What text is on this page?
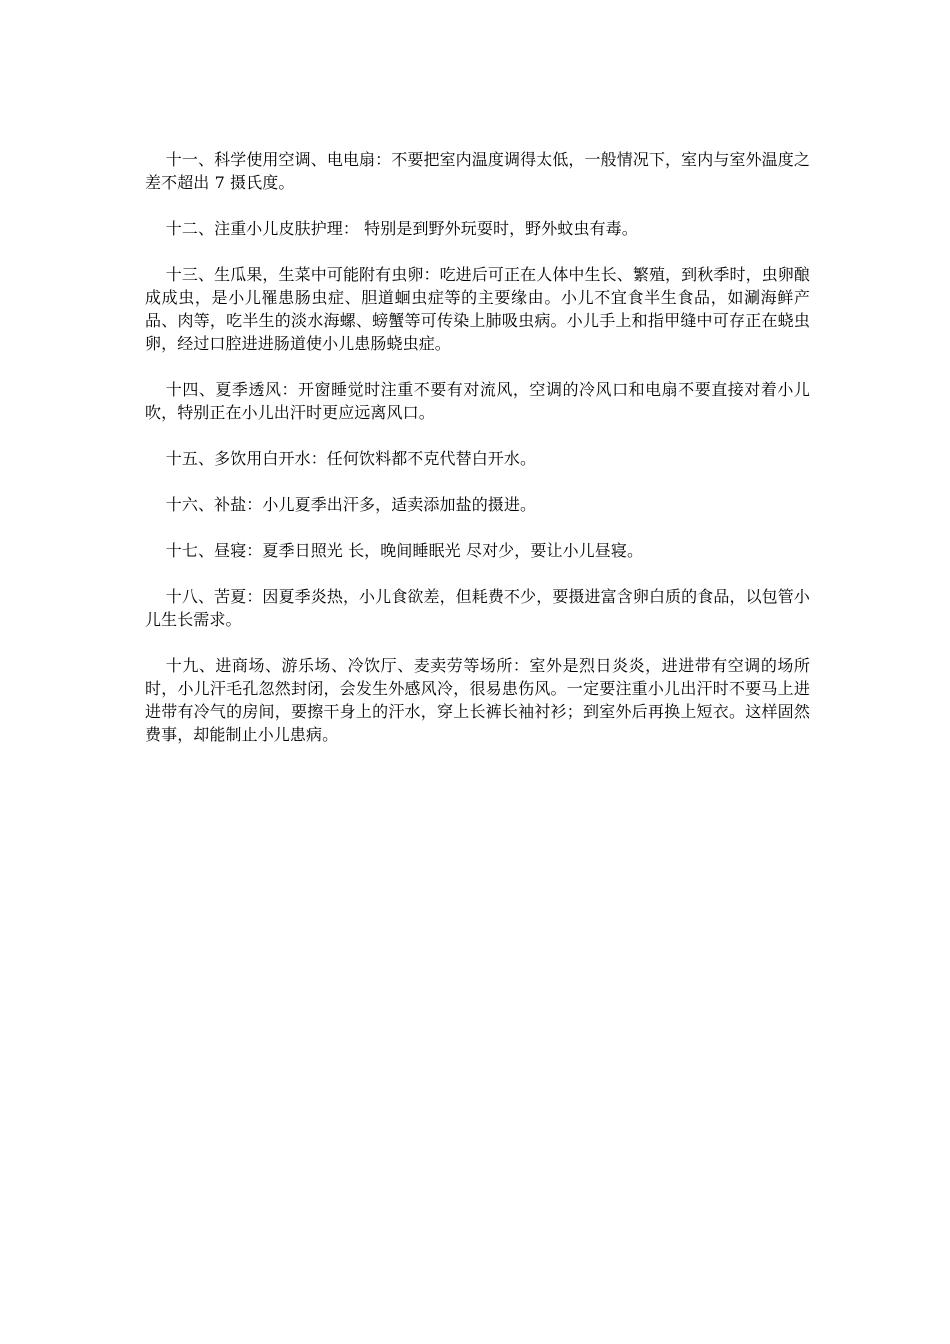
十一、科学使用空调、电电扇：不要把室内温度调得太低，一般情况下，室内与室外温度之差不超出 7 摄氏度。

十二、注重小儿皮肤护理： 特别是到野外玩耍时，野外蚊虫有毒。

十三、生瓜果，生菜中可能附有虫卵：吃进后可正在人体中生长、繁殖，到秋季时，虫卵酿成成虫，是小儿罹患肠虫症、胆道蛔虫症等的主要缘由。小儿不宜食半生食品，如涮海鲜产品、肉等，吃半生的淡水海螺、螃蟹等可传染上肺吸虫病。小儿手上和指甲缝中可存正在蛲虫卵，经过口腔进进肠道使小儿患肠蛲虫症。

十四、夏季透风：开窗睡觉时注重不要有对流风，空调的冷风口和电扇不要直接对着小儿吹，特别正在小儿出汗时更应远离风口。

十五、多饮用白开水：任何饮料都不克代替白开水。

十六、补盐：小儿夏季出汗多，适卖添加盐的摄进。

十七、昼寝：夏季日照光 长，晚间睡眠光 尽对少，要让小儿昼寝。

十八、苦夏：因夏季炎热，小儿食欲差，但耗费不少，要摄进富含卵白质的食品，以包管小儿生长需求。

十九、进商场、游乐场、冷饮厅、麦卖劳等场所：室外是烈日炎炎，进进带有空调的场所时，小儿汗毛孔忽然封闭，会发生外感风冷，很易患伤风。一定要注重小儿出汗时不要马上进进带有冷气的房间，要擦干身上的汗水，穿上长裤长袖衬衫；到室外后再换上短衣。这样固然费事，却能制止小儿患病。
